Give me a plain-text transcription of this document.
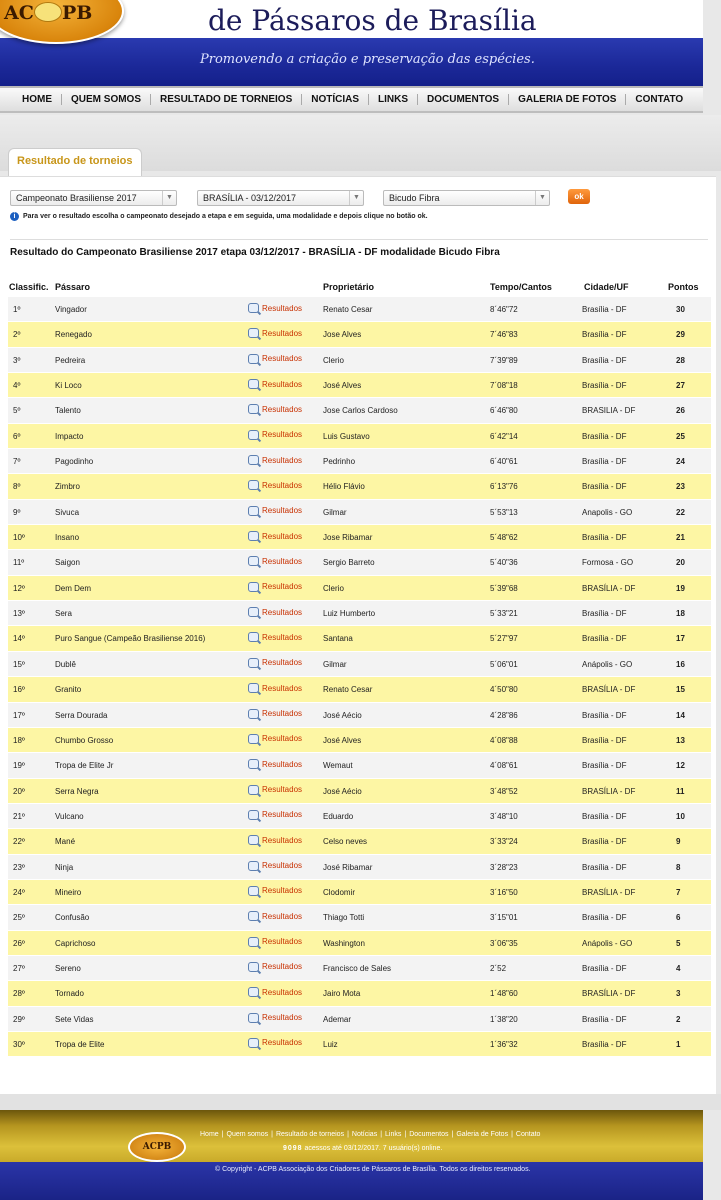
AC PB	de Pássaros de Brasília
Promovendo a criação e preservação das espécies.
HOME	QUEM SOMOS	RESULTADO DE TORNEIOS	NOTÍCIAS	LINKS	DOCUMENTOS	GALERIA DE FOTOS	CONTATO
Resultado de torneios
Campeonato Brasiliense 2017	▼	BRASÍLIA - 03/12/2017	▼	Bicudo Fibra	▼	ok
i	Para ver o resultado escolha o campeonato desejado a etapa e em seguida, uma modalidade e depois clique no botão ok.
Resultado do Campeonato Brasiliense 2017 etapa 03/12/2017 - BRASÍLIA - DF modalidade Bicudo Fibra
Classific. Pássaro	Proprietário	Tempo/Cantos	Cidade/UF	Pontos
1º	Vingador	Renato Cesar	8´46"72	Brasília - DF	30
Resultados
2º	Renegado	Jose Alves	7´46"83	Brasília - DF	29
Resultados
3º	Pedreira	Clerio	7´39"89	Brasília - DF	28
Resultados
4º	Ki Loco	José Alves	7´08"18	Brasília - DF	27
Resultados
5º	Talento	Jose Carlos Cardoso	6´46"80	BRASILIA - DF	26
Resultados
6º	Impacto	Luis Gustavo	6´42"14	Brasília - DF	25
Resultados
7º	Pagodinho	Pedrinho	6´40"61	Brasília - DF	24
Resultados
8º	Zimbro	Hélio Flávio	6´13"76	Brasília - DF	23
Resultados
9º	Sivuca	Gilmar	5´53"13	Anapolis - GO	22
Resultados
10º	Insano	Jose Ribamar	5´48"62	Brasília - DF	21
Resultados
11º	Saigon	Sergio Barreto	5´40"36	Formosa - GO	20
Resultados
12º	Dem Dem	Clerio	5´39"68	BRASÍLIA - DF	19
Resultados
13º	Sera	Luiz Humberto	5´33"21	Brasília - DF	18
Resultados
14º	Puro Sangue (Campeão Brasiliense 2016)	Santana	5´27"97	Brasília - DF	17
Resultados
15º	Dublê	Gilmar	5´06"01	Anápolis - GO	16
Resultados
16º	Granito	Renato Cesar	4´50"80	BRASÍLIA - DF	15
Resultados
17º	Serra Dourada	José Aécio	4´28"86	Brasília - DF	14
Resultados
18º	Chumbo Grosso	José Alves	4´08"88	Brasília - DF	13
Resultados
19º	Tropa de Elite Jr	Wemaut	4´08"61	Brasília - DF	12
Resultados
20º	Serra Negra	José Aécio	3´48"52	BRASÍLIA - DF	11
Resultados
21º	Vulcano	Eduardo	3´48"10	Brasília - DF	10
Resultados
22º	Mané	Celso neves	3´33"24	Brasília - DF	9
Resultados
23º	Ninja	José Ribamar	3´28"23	Brasília - DF	8
Resultados
24º	Mineiro	Clodomir	3´16"50	BRASÍLIA - DF	7
Resultados
25º	Confusão	Thiago Totti	3´15"01	Brasília - DF	6
Resultados
26º	Caprichoso	Washington	3´06"35	Anápolis - GO	5
Resultados
27º	Sereno	Francisco de Sales	2´52	Brasília - DF	4
Resultados
28º	Tornado	Jairo Mota	1´48"60	BRASÍLIA - DF	3
Resultados
29º	Sete Vidas	Ademar	1´38"20	Brasília - DF	2
Resultados
30º	Tropa de Elite	Luiz	1´36"32	Brasília - DF	1
Resultados
ACPB
Home | Quem somos | Resultado de torneios | Notícias | Links | Documentos | Galeria de Fotos | Contato
9098 acessos até 03/12/2017. 7 usuário(s) online.
© Copyright - ACPB Associação dos Criadores de Pássaros de Brasília. Todos os direitos reservados.
